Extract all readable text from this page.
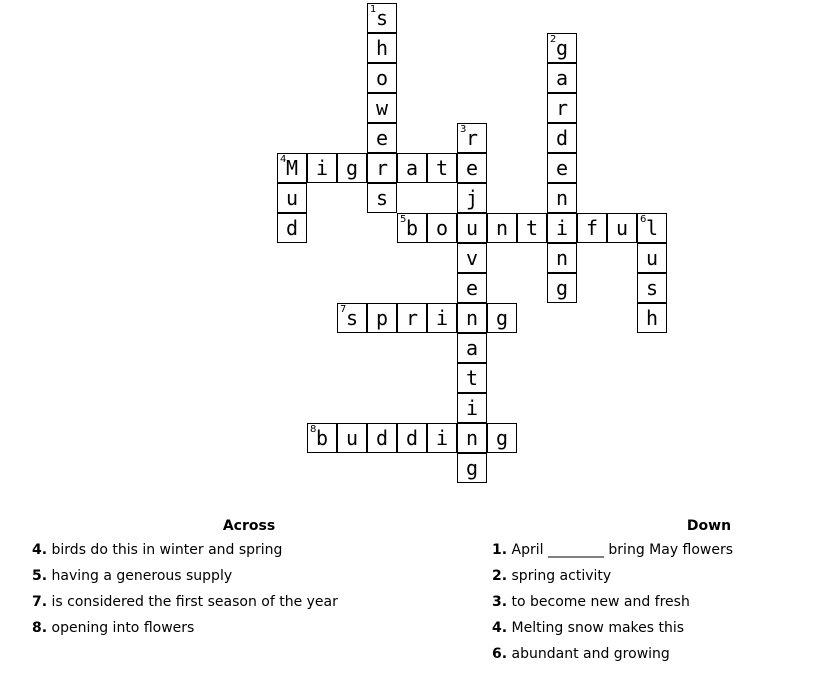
1 s
h
o
w
e
2 g
a
r
d
e
n
i
n
g
3 r
4 M i g r a t e
u	s	j
d	5 b o u n t	f u	6 l
v	u
e	s
7 s p r i n g	h
a
t
i
8 b u d d i n g
g
Across
4. birds do this in winter and spring
5. having a generous supply
7. is considered the first season of the year
8. opening into flowers
Down
1. April ________ bring May flowers
2. spring activity
3. to become new and fresh
4. Melting snow makes this
6. abundant and growing
